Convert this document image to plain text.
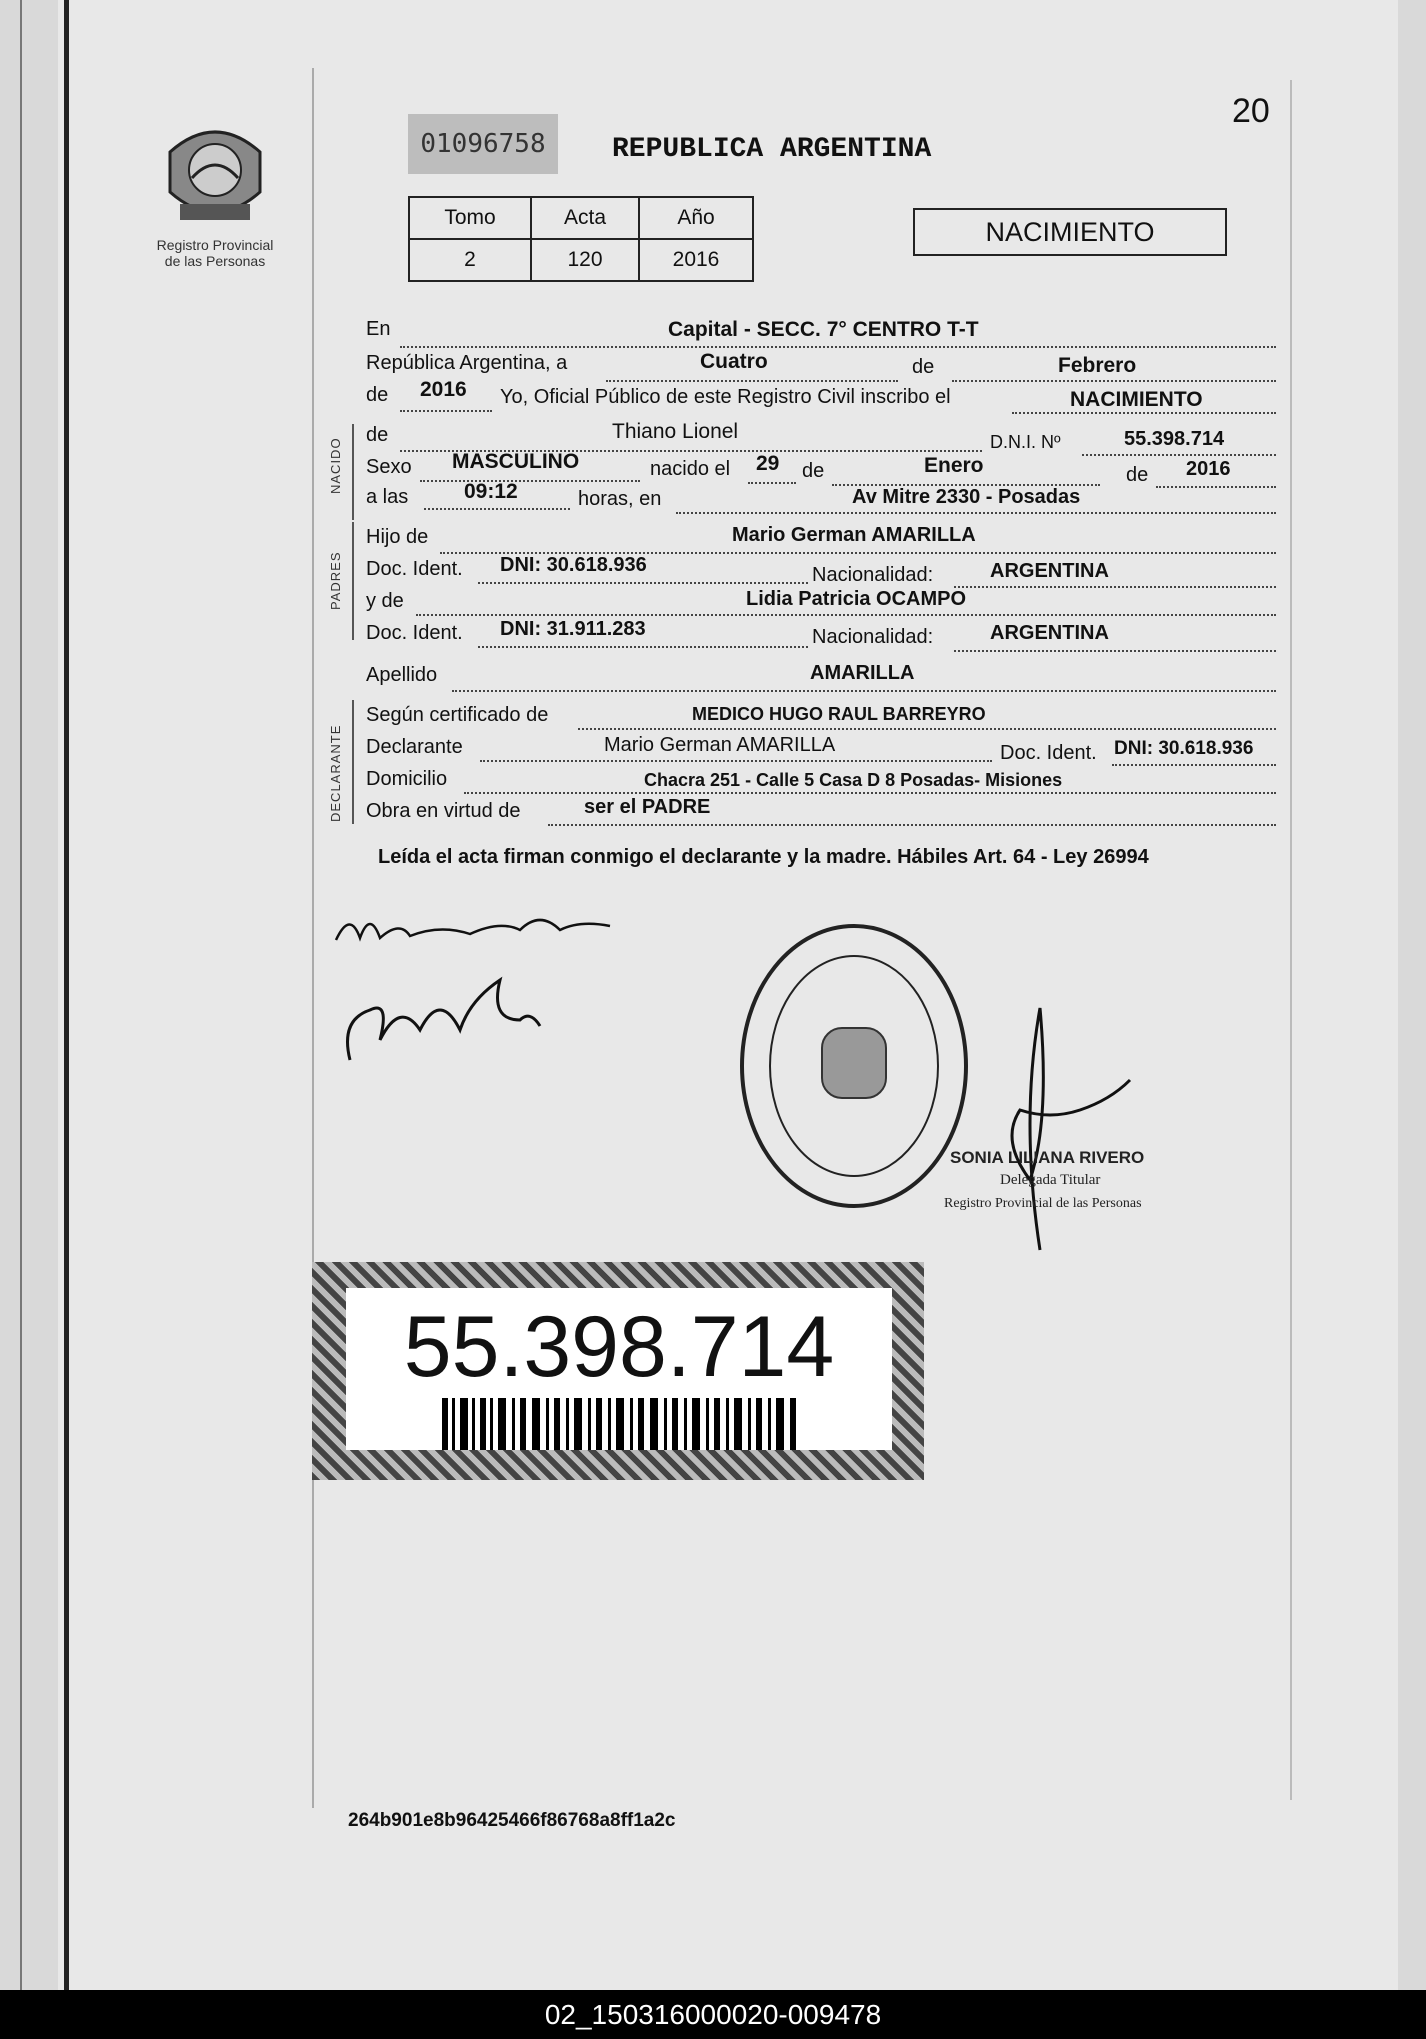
Registro Provincial
de las Personas
01096758	REPUBLICA ARGENTINA
20
Tomo	Acta	Año
2	120	2016
NACIMIENTO
En	Capital - SECC. 7° CENTRO T-T
República Argentina, a	Cuatro	de	Febrero
de 2016 Yo, Oficial Público de este Registro Civil inscribo el	NACIMIENTO
NACIDO
de	Thiano Lionel	D.N.I. Nº	55.398.714
Sexo MASCULINO	nacido el 29 de	Enero	de 2016
a las	09:12	horas, en	Av Mitre 2330 - Posadas
PADRES
Hijo de	Mario German AMARILLA
Doc. Ident. DNI: 30.618.936	Nacionalidad:	ARGENTINA
y de	Lidia Patricia OCAMPO
Doc. Ident. DNI: 31.911.283	Nacionalidad:	ARGENTINA
Apellido	AMARILLA
DECLARANTE
Según certificado de	MEDICO HUGO RAUL BARREYRO
Declarante	Mario German AMARILLA	Doc. Ident. DNI: 30.618.936
Domicilio	Chacra 251 - Calle 5 Casa D 8 Posadas- Misiones
Obra en virtud de	ser el PADRE
Leída el acta firman conmigo el declarante y la madre. Hábiles Art. 64 - Ley 26994
SONIA LILIANA RIVERO
Delegada Titular
Registro Provincial de las Personas
55.398.714
264b901e8b96425466f86768a8ff1a2c
02_150316000020-009478
